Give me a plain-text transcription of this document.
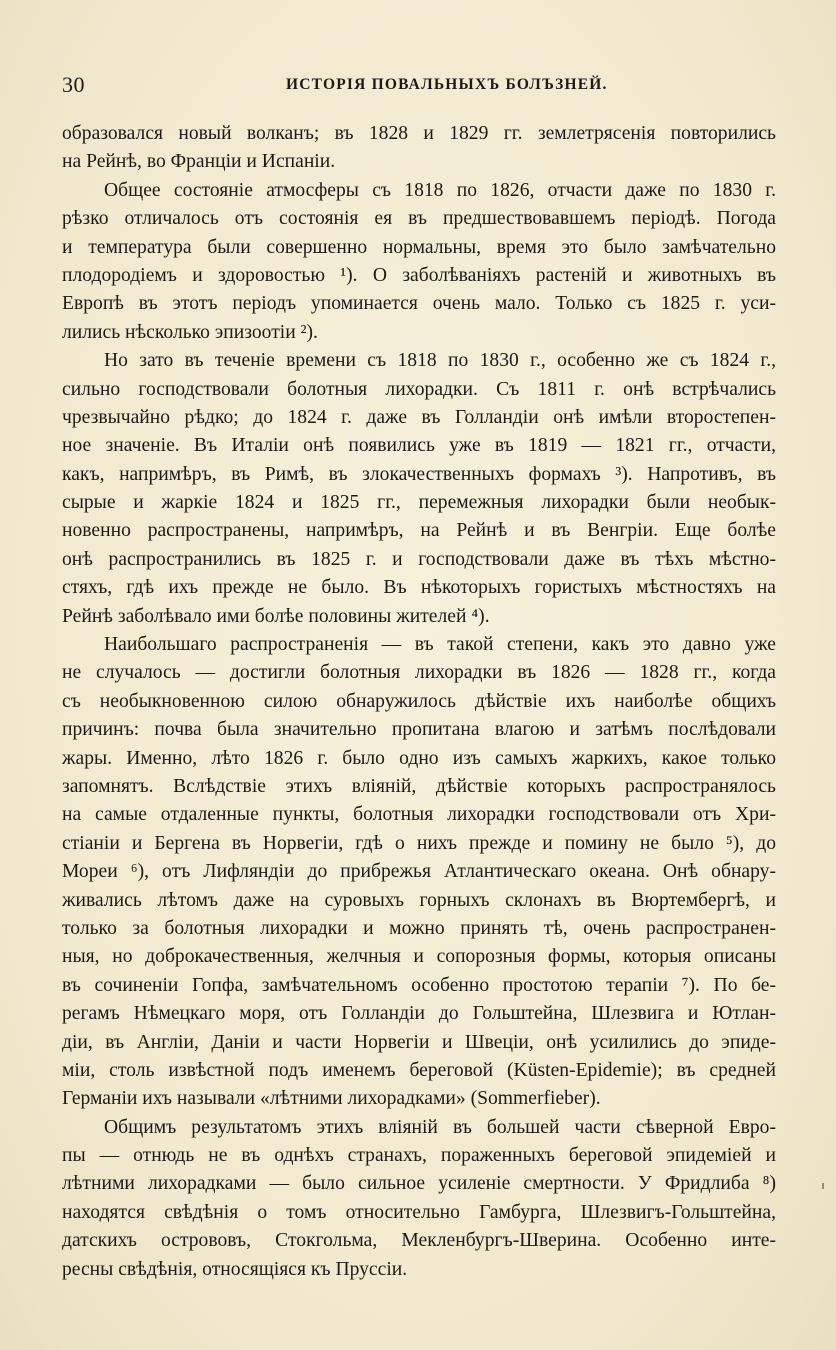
30	ИСТОРІЯ ПОВАЛЬНЫХЪ БОЛЪЗНЕЙ.
образовался новый волканъ; въ 1828 и 1829 гг. землетрясенія повторились
на Рейнѣ, во Франціи и Испаніи.
Общее состояніе атмосферы съ 1818 по 1826, отчасти даже по 1830 г.
рѣзко отличалось отъ состоянія ея въ предшествовавшемъ періодѣ. Погода
и температура были совершенно нормальны, время это было замѣчательно
плодородіемъ и здоровостью ¹). О заболѣваніяхъ растеній и животныхъ въ
Европѣ въ этотъ періодъ упоминается очень мало. Только съ 1825 г. уси-
лились нѣсколько эпизоотіи ²).
Но зато въ теченіе времени съ 1818 по 1830 г., особенно же съ 1824 г.,
сильно господствовали болотныя лихорадки. Съ 1811 г. онѣ встрѣчались
чрезвычайно рѣдко; до 1824 г. даже въ Голландіи онѣ имѣли второстепен-
ное значеніе. Въ Италіи онѣ появились уже въ 1819 — 1821 гг., отчасти,
какъ, напримѣръ, въ Римѣ, въ злокачественныхъ формахъ ³). Напротивъ, въ
сырые и жаркіе 1824 и 1825 гг., перемежныя лихорадки были необык-
новенно распространены, напримѣръ, на Рейнѣ и въ Венгріи. Еще болѣе
онѣ распространились въ 1825 г. и господствовали даже въ тѣхъ мѣстно-
стяхъ, гдѣ ихъ прежде не было. Въ нѣкоторыхъ гористыхъ мѣстностяхъ на
Рейнѣ заболѣвало ими болѣе половины жителей ⁴).
Наибольшаго распространенія — въ такой степени, какъ это давно уже
не случалось — достигли болотныя лихорадки въ 1826 — 1828 гг., когда
съ необыкновенною силою обнаружилось дѣйствіе ихъ наиболѣе общихъ
причинъ: почва была значительно пропитана влагою и затѣмъ послѣдовали
жары. Именно, лѣто 1826 г. было одно изъ самыхъ жаркихъ, какое только
запомнятъ. Вслѣдствіе этихъ вліяній, дѣйствіе которыхъ распространялось
на самые отдаленные пункты, болотныя лихорадки господствовали отъ Хри-
стіаніи и Бергена въ Норвегіи, гдѣ о нихъ прежде и помину не было ⁵), до
Мореи ⁶), отъ Лифляндіи до прибрежья Атлантическаго океана. Онѣ обнару-
живались лѣтомъ даже на суровыхъ горныхъ склонахъ въ Вюртембергѣ, и
только за болотныя лихорадки и можно принять тѣ, очень распространен-
ныя, но доброкачественныя, желчныя и сопорозныя формы, которыя описаны
въ сочиненіи Гопфа, замѣчательномъ особенно простотою терапіи ⁷). По бе-
регамъ Нѣмецкаго моря, отъ Голландіи до Гольштейна, Шлезвига и Ютлан-
діи, въ Англіи, Даніи и части Норвегіи и Швеціи, онѣ усилились до эпиде-
міи, столь извѣстной подъ именемъ береговой (Küsten-Epidemie); въ средней
Германіи ихъ называли «лѣтними лихорадками» (Sommerfieber).
Общимъ результатомъ этихъ вліяній въ большей части сѣверной Евро-
пы — отнюдь не въ однѣхъ странахъ, пораженныхъ береговой эпидеміей и
лѣтними лихорадками — было сильное усиленіе смертности. У Фридлиба ⁸)
находятся свѣдѣнія о томъ относительно Гамбурга, Шлезвигъ-Гольштейна,
датскихъ острововъ, Стокгольма, Мекленбургъ-Шверина. Особенно инте-
ресны свѣдѣнія, относящіяся къ Пруссіи.
